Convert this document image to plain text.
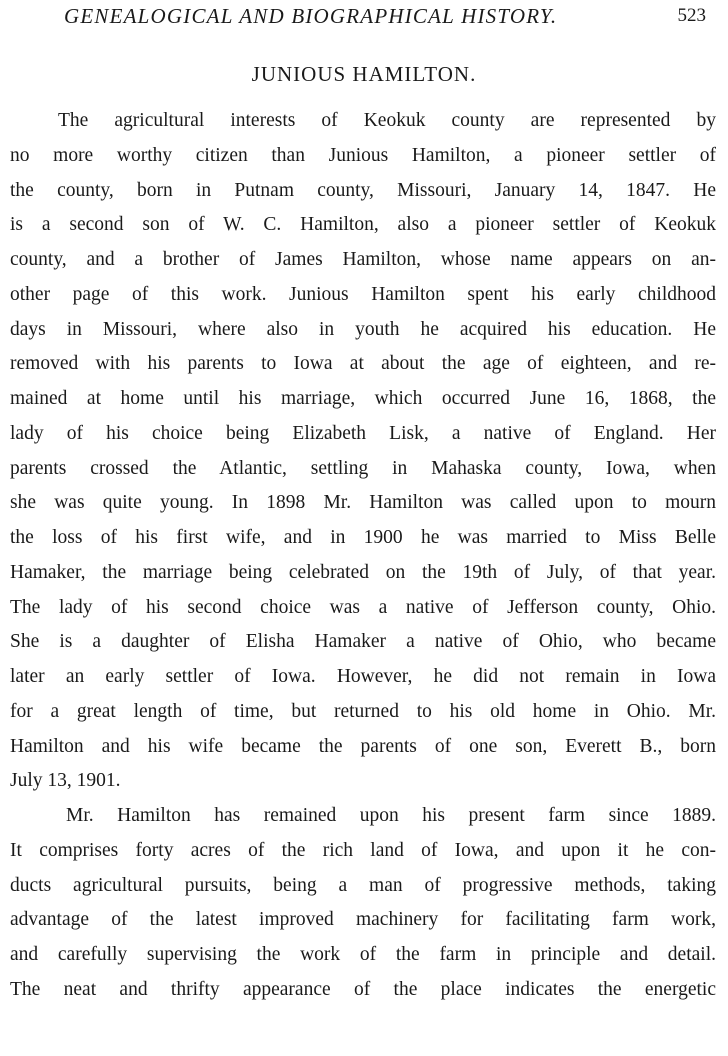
GENEALOGICAL AND BIOGRAPHICAL HISTORY.	523
JUNIOUS HAMILTON.
The agricultural interests of Keokuk county are represented by
no more worthy citizen than Junious Hamilton, a pioneer settler of
the county, born in Putnam county, Missouri, January 14, 1847. He
is a second son of W. C. Hamilton, also a pioneer settler of Keokuk
county, and a brother of James Hamilton, whose name appears on an-
other page of this work. Junious Hamilton spent his early childhood
days in Missouri, where also in youth he acquired his education. He
removed with his parents to Iowa at about the age of eighteen, and re-
mained at home until his marriage, which occurred June 16, 1868, the
lady of his choice being Elizabeth Lisk, a native of England. Her
parents crossed the Atlantic, settling in Mahaska county, Iowa, when
she was quite young. In 1898 Mr. Hamilton was called upon to mourn
the loss of his first wife, and in 1900 he was married to Miss Belle
Hamaker, the marriage being celebrated on the 19th of July, of that year.
The lady of his second choice was a native of Jefferson county, Ohio.
She is a daughter of Elisha Hamaker a native of Ohio, who became
later an early settler of Iowa. However, he did not remain in Iowa
for a great length of time, but returned to his old home in Ohio. Mr.
Hamilton and his wife became the parents of one son, Everett B., born
July 13, 1901.
Mr. Hamilton has remained upon his present farm since 1889.
It comprises forty acres of the rich land of Iowa, and upon it he con-
ducts agricultural pursuits, being a man of progressive methods, taking
advantage of the latest improved machinery for facilitating farm work,
and carefully supervising the work of the farm in principle and detail.
The neat and thrifty appearance of the place indicates the energetic
